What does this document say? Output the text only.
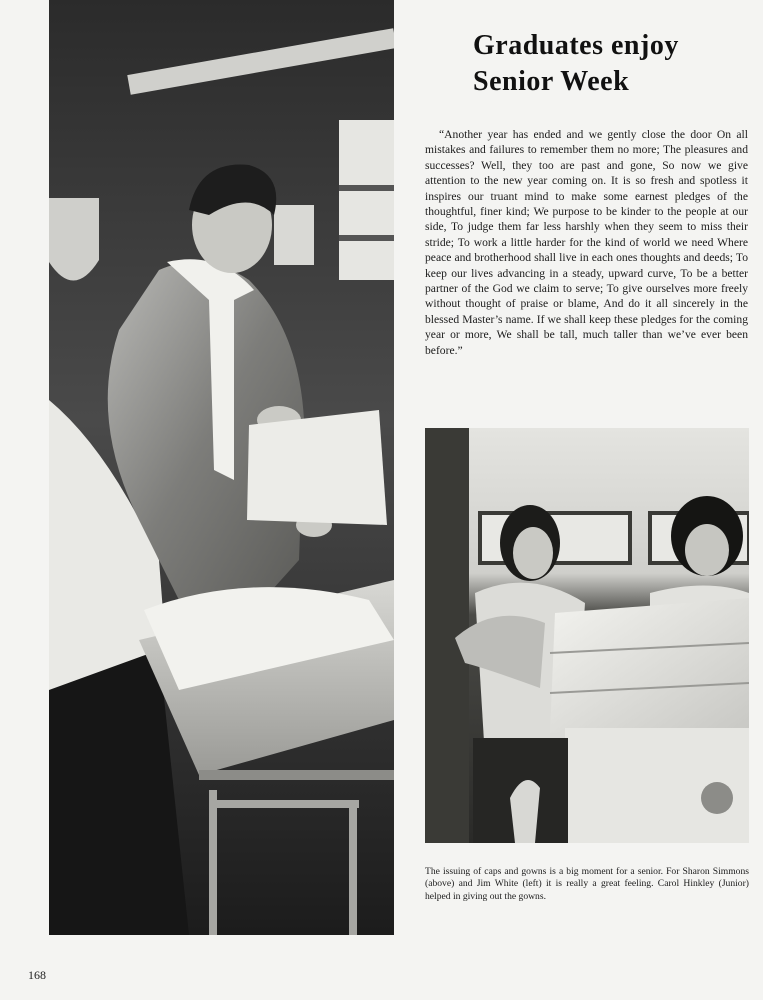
Graduates enjoy
Senior Week

“Another year has ended and we gently close the door On all mistakes and failures to remember them no more; The pleasures and successes? Well, they too are past and gone, So now we give attention to the new year coming on. It is so fresh and spotless it inspires our truant mind to make some earnest pledges of the thoughtful, finer kind; We purpose to be kinder to the people at our side, To judge them far less harshly when they seem to miss their stride; To work a little harder for the kind of world we need Where peace and brotherhood shall live in each ones thoughts and deeds; To keep our lives advancing in a steady, upward curve, To be a better partner of the God we claim to serve; To give ourselves more freely without thought of praise or blame, And do it all sincerely in the blessed Master’s name. If we shall keep these pledges for the coming year or more, We shall be tall, much taller than we’ve ever been before.”

The issuing of caps and gowns is a big moment for a senior. For Sharon Simmons (above) and Jim White (left) it is really a great feeling. Carol Hinkley (Junior) helped in giving out the gowns.

168
